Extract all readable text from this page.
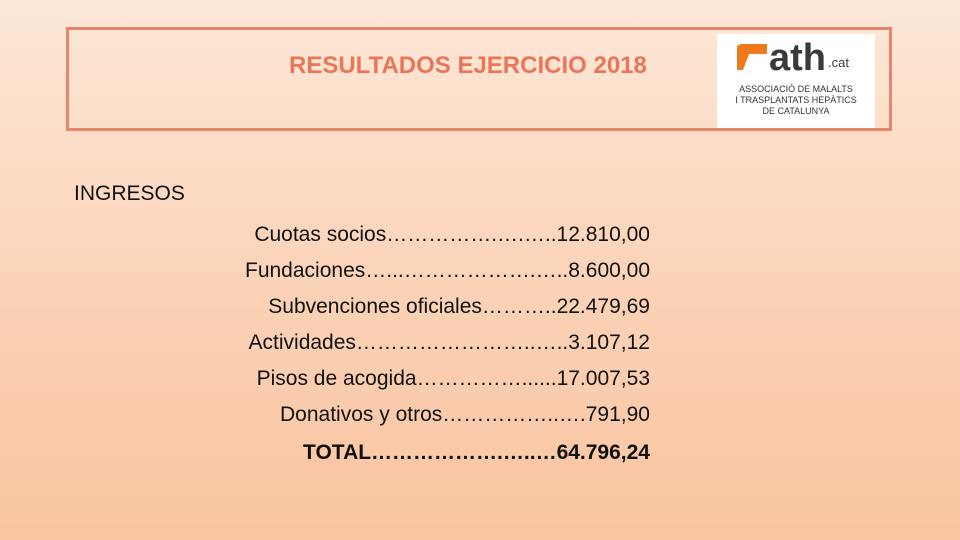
RESULTADOS EJERCICIO 2018	ath .cat
ASSOCIACIÓ DE MALALTS
I TRASPLANTATS HEPÀTICS
DE CATALUNYA
INGRESOS
Cuotas socios…………….….…..12.810,00
Fundaciones…...……………….…..8.600,00
Subvenciones oficiales………..22.479,69
Actividades……………………..…..3.107,12
Pisos de acogida……………......17.007,53
Donativos y otros……………..….791,90
TOTAL……………….…..…64.796,24
